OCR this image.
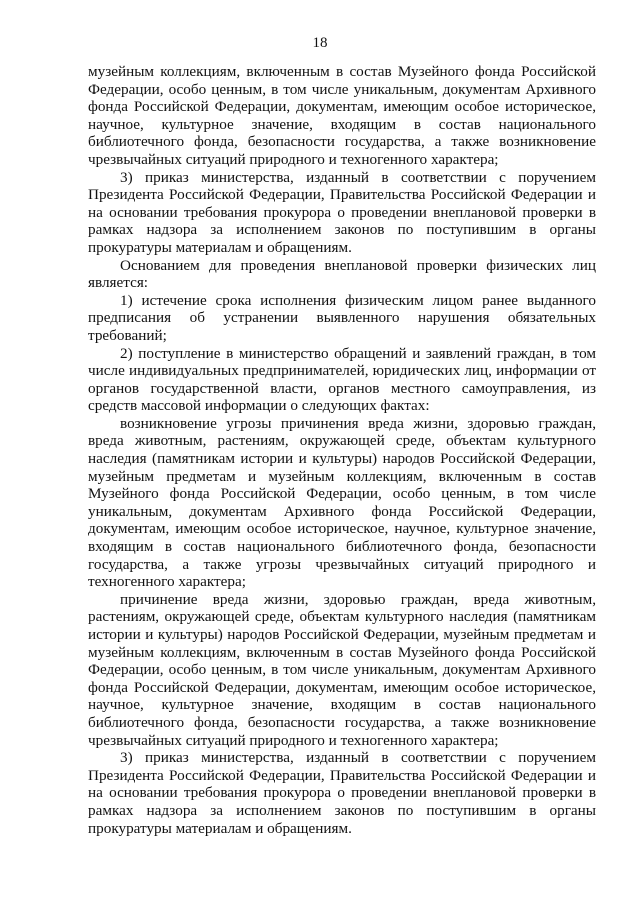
18

музейным коллекциям, включенным в состав Музейного фонда Российской Федерации, особо ценным, в том числе уникальным, документам Архивного фонда Российской Федерации, документам, имеющим особое историческое, научное, культурное значение, входящим в состав национального библиотечного фонда, безопасности государства, а также возникновение чрезвычайных ситуаций природного и техногенного характера;

3) приказ министерства, изданный в соответствии с поручением Президента Российской Федерации, Правительства Российской Федерации и на основании требования прокурора о проведении внеплановой проверки в рамках надзора за исполнением законов по поступившим в органы прокуратуры материалам и обращениям.

Основанием для проведения внеплановой проверки физических лиц является:

1) истечение срока исполнения физическим лицом ранее выданного предписания об устранении выявленного нарушения обязательных требований;

2) поступление в министерство обращений и заявлений граждан, в том числе индивидуальных предпринимателей, юридических лиц, информации от органов государственной власти, органов местного самоуправления, из средств массовой информации о следующих фактах:

возникновение угрозы причинения вреда жизни, здоровью граждан, вреда животным, растениям, окружающей среде, объектам культурного наследия (памятникам истории и культуры) народов Российской Федерации, музейным предметам и музейным коллекциям, включенным в состав Музейного фонда Российской Федерации, особо ценным, в том числе уникальным, документам Архивного фонда Российской Федерации, документам, имеющим особое историческое, научное, культурное значение, входящим в состав национального библиотечного фонда, безопасности государства, а также угрозы чрезвычайных ситуаций природного и техногенного характера;

причинение вреда жизни, здоровью граждан, вреда животным, растениям, окружающей среде, объектам культурного наследия (памятникам истории и культуры) народов Российской Федерации, музейным предметам и музейным коллекциям, включенным в состав Музейного фонда Российской Федерации, особо ценным, в том числе уникальным, документам Архивного фонда Российской Федерации, документам, имеющим особое историческое, научное, культурное значение, входящим в состав национального библиотечного фонда, безопасности государства, а также возникновение чрезвычайных ситуаций природного и техногенного характера;

3) приказ министерства, изданный в соответствии с поручением Президента Российской Федерации, Правительства Российской Федерации и на основании требования прокурора о проведении внеплановой проверки в рамках надзора за исполнением законов по поступившим в органы прокуратуры материалам и обращениям.
